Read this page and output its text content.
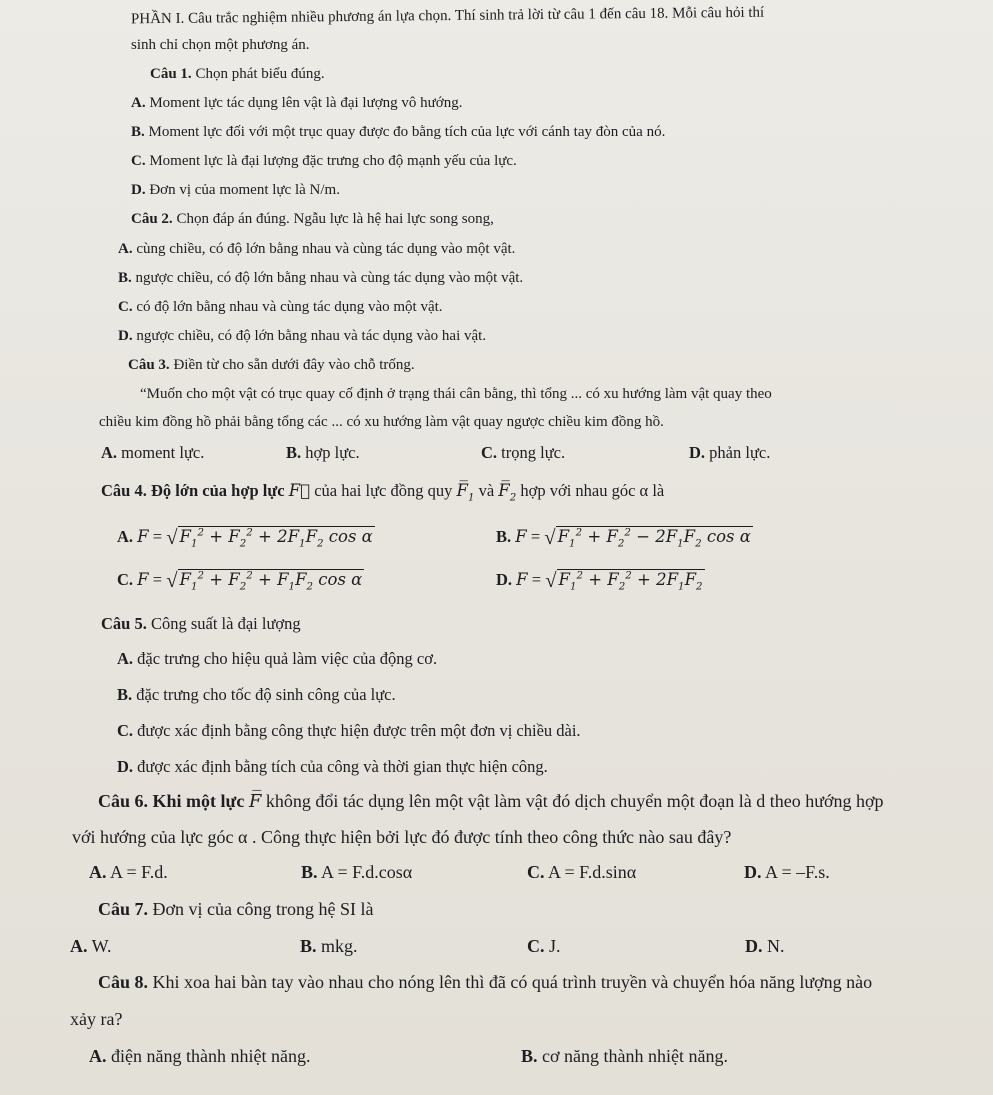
PHẦN I. Câu trắc nghiệm nhiều phương án lựa chọn. Thí sinh trả lời từ câu 1 đến câu 18. Mỗi câu hỏi thí
sinh chỉ chọn một phương án.
Câu 1. Chọn phát biểu đúng.
A. Moment lực tác dụng lên vật là đại lượng vô hướng.
B. Moment lực đối với một trục quay được đo bằng tích của lực với cánh tay đòn của nó.
C. Moment lực là đại lượng đặc trưng cho độ mạnh yếu của lực.
D. Đơn vị của moment lực là N/m.
Câu 2. Chọn đáp án đúng. Ngẫu lực là hệ hai lực song song,
A. cùng chiều, có độ lớn bằng nhau và cùng tác dụng vào một vật.
B. ngược chiều, có độ lớn bằng nhau và cùng tác dụng vào một vật.
C. có độ lớn bằng nhau và cùng tác dụng vào một vật.
D. ngược chiều, có độ lớn bằng nhau và tác dụng vào hai vật.
Câu 3. Điền từ cho sẵn dưới đây vào chỗ trống.
“Muốn cho một vật có trục quay cố định ở trạng thái cân bằng, thì tổng ... có xu hướng làm vật quay theo
chiều kim đồng hồ phải bằng tổng các ... có xu hướng làm vật quay ngược chiều kim đồng hồ.
A. moment lực.	B. hợp lực.	C. trọng lực.	D. phản lực.
Câu 4. Độ lớn của hợp lực F⃗ của hai lực đồng quy $F̅_1$ và $F̅_2$ hợp với nhau góc α là
A. F = √ $F_1^2 + F_2^2 + 2F_1F_2$ cos α	B. F = √ $F_1^2 + F_2^2 - 2F_1F_2$ cos α
C. F = √ $F_1^2 + F_2^2 + F_1F_2$ cos α	D. F = √ $F_1^2 + F_2^2 + 2F_1F_2$
Câu 5. Công suất là đại lượng
A. đặc trưng cho hiệu quả làm việc của động cơ.
B. đặc trưng cho tốc độ sinh công của lực.
C. được xác định bằng công thực hiện được trên một đơn vị chiều dài.
D. được xác định bằng tích của công và thời gian thực hiện công.
Câu 6. Khi một lực F̅ không đổi tác dụng lên một vật làm vật đó dịch chuyển một đoạn là d theo hướng hợp
với hướng của lực góc α . Công thực hiện bởi lực đó được tính theo công thức nào sau đây?
A. A = F.d.	B. A = F.d.cosα	C. A = F.d.sinα	D. A = –F.s.
Câu 7. Đơn vị của công trong hệ SI là
A. W.	B. mkg.	C. J.	D. N.
Câu 8. Khi xoa hai bàn tay vào nhau cho nóng lên thì đã có quá trình truyền và chuyển hóa năng lượng nào
xảy ra?
A. điện năng thành nhiệt năng.	B. cơ năng thành nhiệt năng.
